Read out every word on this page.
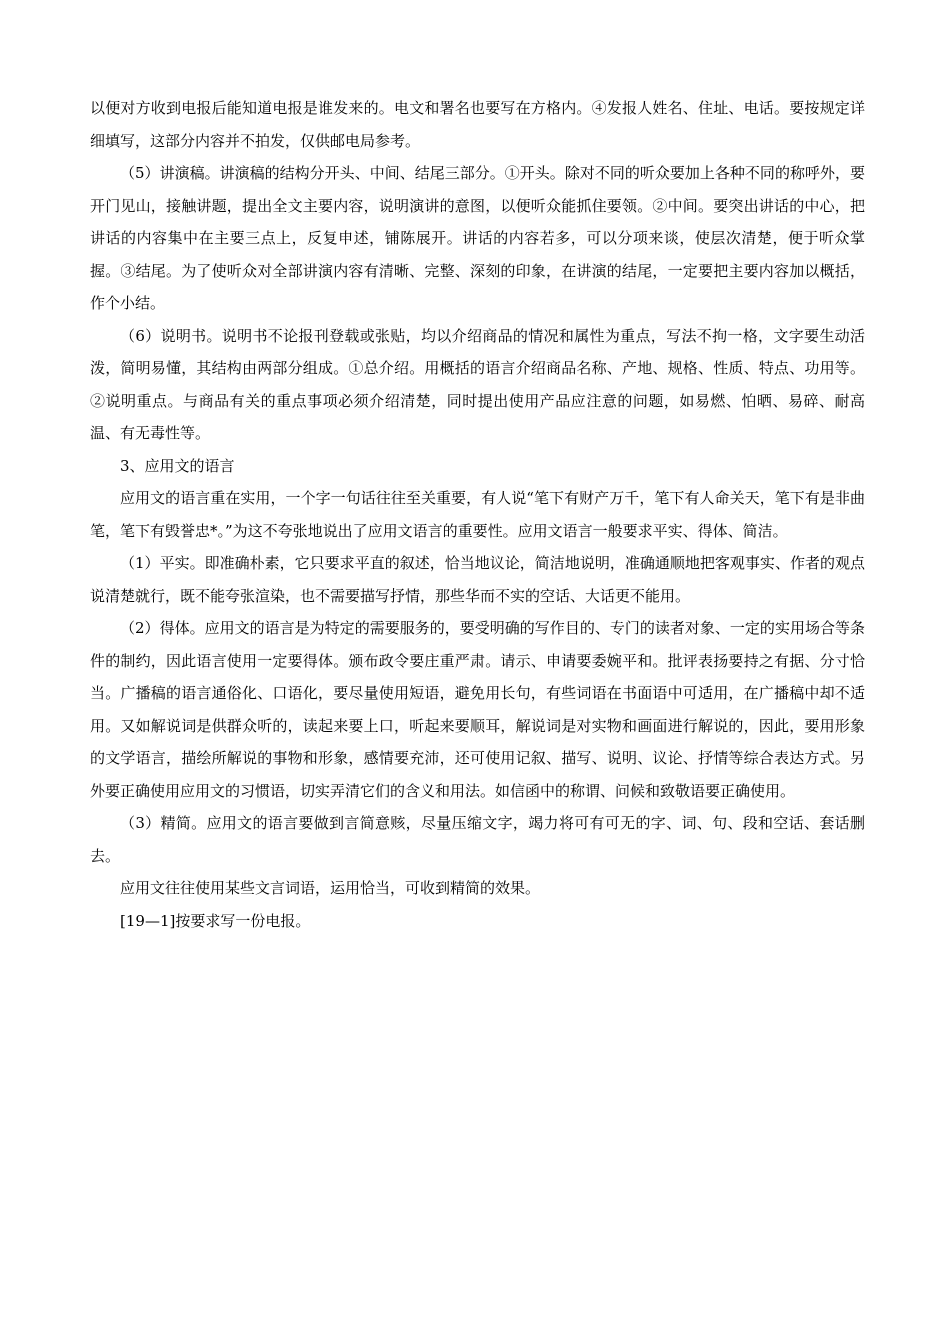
以便对方收到电报后能知道电报是谁发来的。电文和署名也要写在方格内。④发报人姓名、住址、电话。要按规定详细填写，这部分内容并不拍发，仅供邮电局参考。

（5）讲演稿。讲演稿的结构分开头、中间、结尾三部分。①开头。除对不同的听众要加上各种不同的称呼外，要开门见山，接触讲题，提出全文主要内容，说明演讲的意图，以便听众能抓住要领。②中间。要突出讲话的中心，把讲话的内容集中在主要三点上，反复申述，铺陈展开。讲话的内容若多，可以分项来谈，使层次清楚，便于听众掌握。③结尾。为了使听众对全部讲演内容有清晰、完整、深刻的印象，在讲演的结尾，一定要把主要内容加以概括，作个小结。

（6）说明书。说明书不论报刊登载或张贴，均以介绍商品的情况和属性为重点，写法不拘一格，文字要生动活泼，简明易懂，其结构由两部分组成。①总介绍。用概括的语言介绍商品名称、产地、规格、性质、特点、功用等。②说明重点。与商品有关的重点事项必须介绍清楚，同时提出使用产品应注意的问题，如易燃、怕晒、易碎、耐高温、有无毒性等。

3、应用文的语言

应用文的语言重在实用，一个字一句话往往至关重要，有人说“笔下有财产万千，笔下有人命关天，笔下有是非曲笔，笔下有毁誉忠*。”为这不夸张地说出了应用文语言的重要性。应用文语言一般要求平实、得体、简洁。

（1）平实。即准确朴素，它只要求平直的叙述，恰当地议论，简洁地说明，准确通顺地把客观事实、作者的观点说清楚就行，既不能夸张渲染，也不需要描写抒情，那些华而不实的空话、大话更不能用。

（2）得体。应用文的语言是为特定的需要服务的，要受明确的写作目的、专门的读者对象、一定的实用场合等条件的制约，因此语言使用一定要得体。颁布政令要庄重严肃。请示、申请要委婉平和。批评表扬要持之有据、分寸恰当。广播稿的语言通俗化、口语化，要尽量使用短语，避免用长句，有些词语在书面语中可适用，在广播稿中却不适用。又如解说词是供群众听的，读起来要上口，听起来要顺耳，解说词是对实物和画面进行解说的，因此，要用形象的文学语言，描绘所解说的事物和形象，感情要充沛，还可使用记叙、描写、说明、议论、抒情等综合表达方式。另外要正确使用应用文的习惯语，切实弄清它们的含义和用法。如信函中的称谓、问候和致敬语要正确使用。

（3）精简。应用文的语言要做到言简意赅，尽量压缩文字，竭力将可有可无的字、词、句、段和空话、套话删去。

应用文往往使用某些文言词语，运用恰当，可收到精简的效果。

[19—1]按要求写一份电报。
